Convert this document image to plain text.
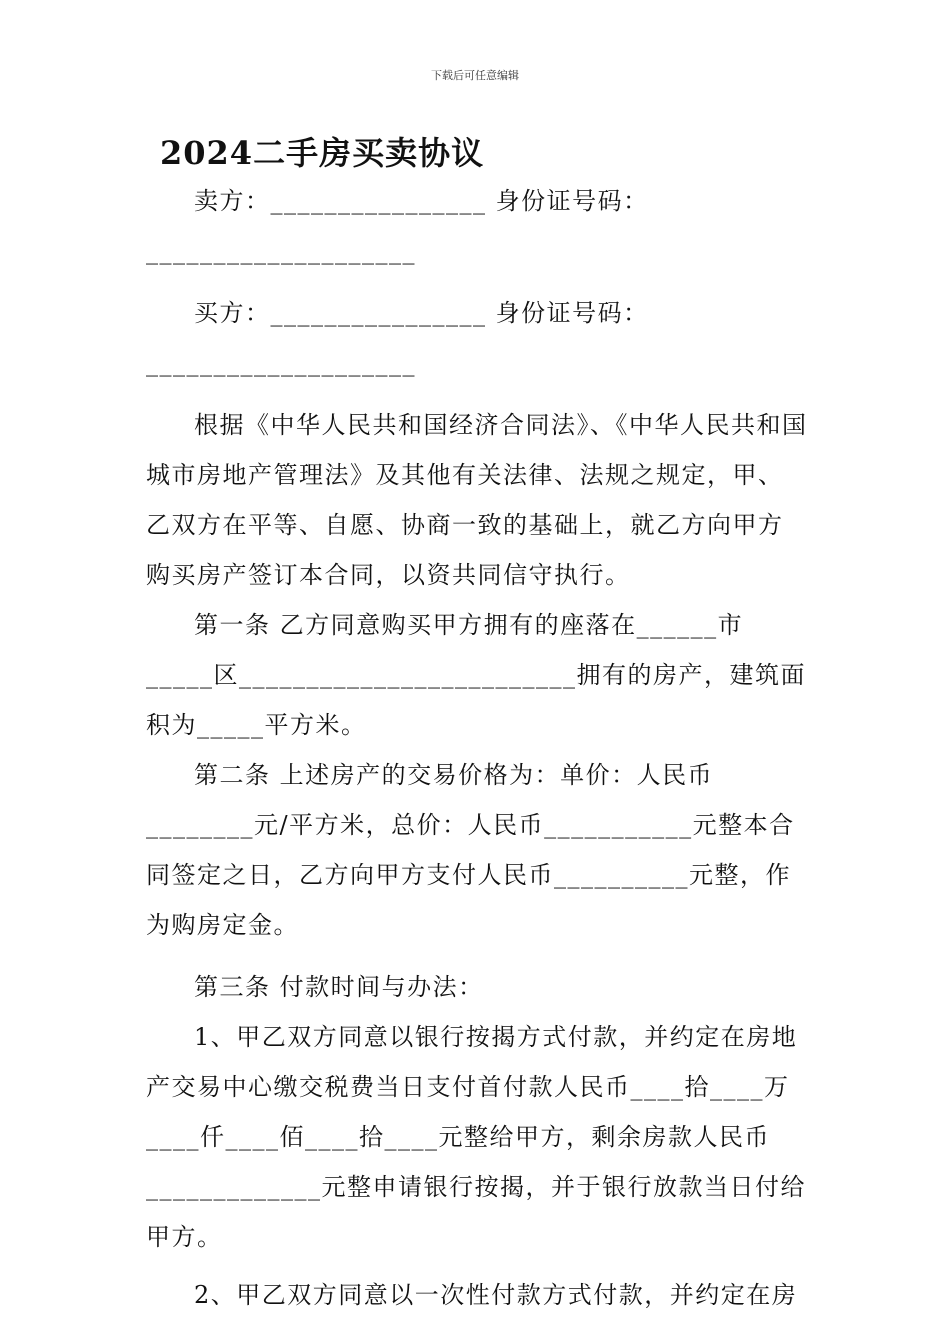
下载后可任意编辑
2024二手房买卖协议

卖方：________________ 身份证号码：____________________

买方：________________ 身份证号码：____________________

根据《中华人民共和国经济合同法》、《中华人民共和国城市房地产管理法》及其他有关法律、法规之规定，甲、乙双方在平等、自愿、协商一致的基础上，就乙方向甲方购买房产签订本合同，以资共同信守执行。

第一条 乙方同意购买甲方拥有的座落在______市_____区_________________________拥有的房产，建筑面积为_____平方米。

第二条 上述房产的交易价格为：单价：人民币________元/平方米，总价：人民币___________元整本合同签定之日，乙方向甲方支付人民币__________元整，作为购房定金。

第三条 付款时间与办法：

1、甲乙双方同意以银行按揭方式付款，并约定在房地产交易中心缴交税费当日支付首付款人民币____拾____万____仟____佰____拾____元整给甲方，剩余房款人民币_____________元整申请银行按揭，并于银行放款当日付给甲方。

2、甲乙双方同意以一次性付款方式付款，并约定在房
